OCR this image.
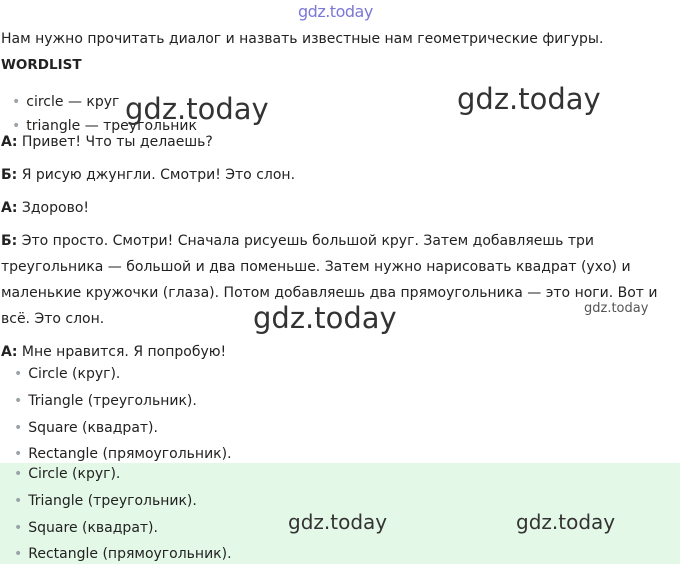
gdz.today
Нам нужно прочитать диалог и назвать известные нам геометрические фигуры.
WORDLIST
• circle — круг
• triangle — треугольник
А: Привет! Что ты делаешь?
Б: Я рисую джунгли. Смотри! Это слон.
А: Здорово!
Б: Это просто. Смотри! Сначала рисуешь большой круг. Затем добавляешь три
треугольника — большой и два поменьше. Затем нужно нарисовать квадрат (ухо) и
маленькие кружочки (глаза). Потом добавляешь два прямоугольника — это ноги. Вот и
всё. Это слон.
А: Мне нравится. Я попробую!
• Circle (круг).
• Triangle (треугольник).
• Square (квадрат).
• Rectangle (прямоугольник).
• Circle (круг).
• Triangle (треугольник).
• Square (квадрат).
• Rectangle (прямоугольник).
gdz.today	gdz.today
gdz.today	gdz.today
gdz.today	gdz.today
